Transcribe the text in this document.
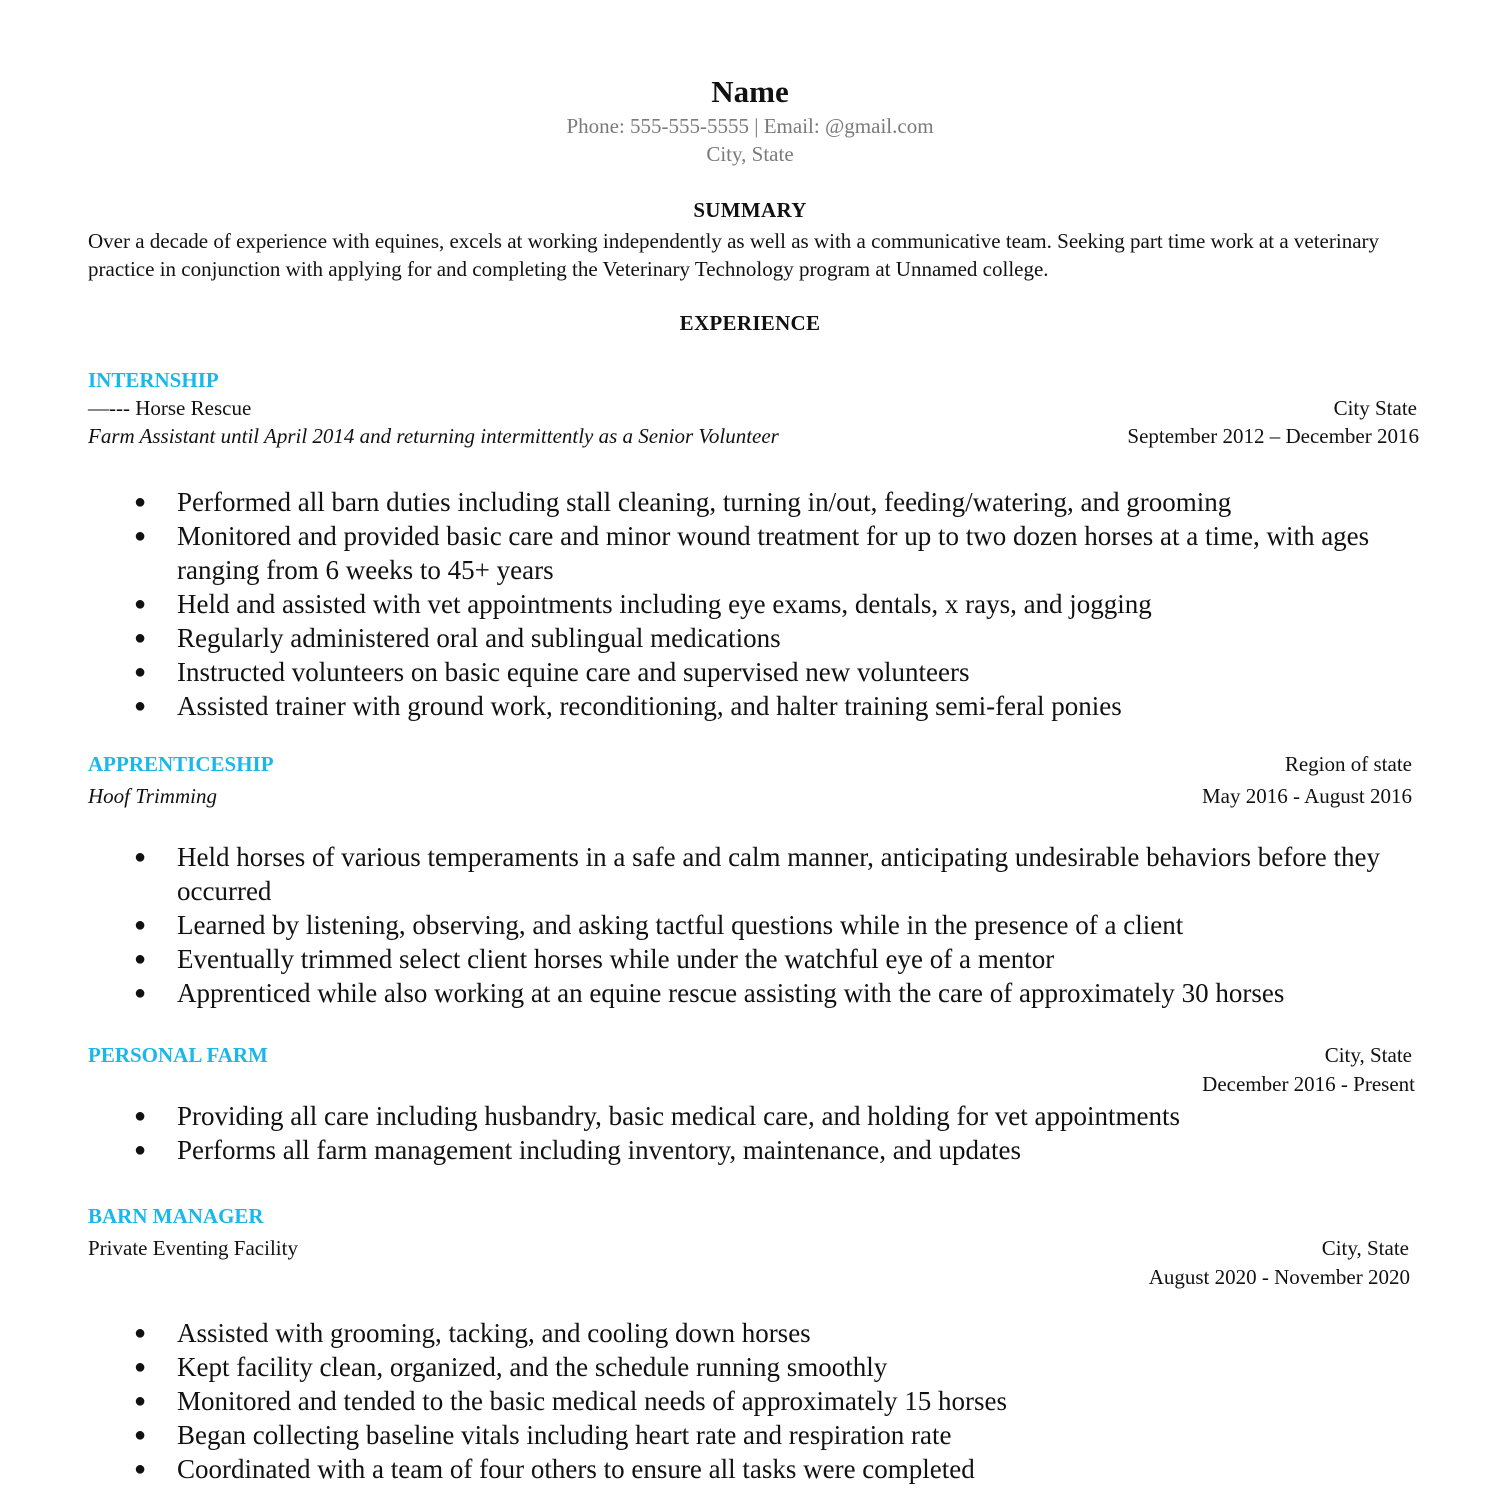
Name
Phone: 555-555-5555 | Email: @gmail.com
City, State
SUMMARY
Over a decade of experience with equines, excels at working independently as well as with a communicative team. Seeking part time work at a veterinary practice in conjunction with applying for and completing the Veterinary Technology program at Unnamed college.
EXPERIENCE
INTERNSHIP
—--- Horse Rescue	City State
Farm Assistant until April 2014 and returning intermittently as a Senior Volunteer	September 2012 – December 2016
● Performed all barn duties including stall cleaning, turning in/out, feeding/watering, and grooming
● Monitored and provided basic care and minor wound treatment for up to two dozen horses at a time, with ages ranging from 6 weeks to 45+ years
● Held and assisted with vet appointments including eye exams, dentals, x rays, and jogging
● Regularly administered oral and sublingual medications
● Instructed volunteers on basic equine care and supervised new volunteers
● Assisted trainer with ground work, reconditioning, and halter training semi-feral ponies
APPRENTICESHIP	Region of state
Hoof Trimming	May 2016 - August 2016
● Held horses of various temperaments in a safe and calm manner, anticipating undesirable behaviors before they occurred
● Learned by listening, observing, and asking tactful questions while in the presence of a client
● Eventually trimmed select client horses while under the watchful eye of a mentor
● Apprenticed while also working at an equine rescue assisting with the care of approximately 30 horses
PERSONAL FARM	City, State
December 2016 - Present
● Providing all care including husbandry, basic medical care, and holding for vet appointments
● Performs all farm management including inventory, maintenance, and updates
BARN MANAGER
Private Eventing Facility	City, State
August 2020 - November 2020
● Assisted with grooming, tacking, and cooling down horses
● Kept facility clean, organized, and the schedule running smoothly
● Monitored and tended to the basic medical needs of approximately 15 horses
● Began collecting baseline vitals including heart rate and respiration rate
● Coordinated with a team of four others to ensure all tasks were completed
